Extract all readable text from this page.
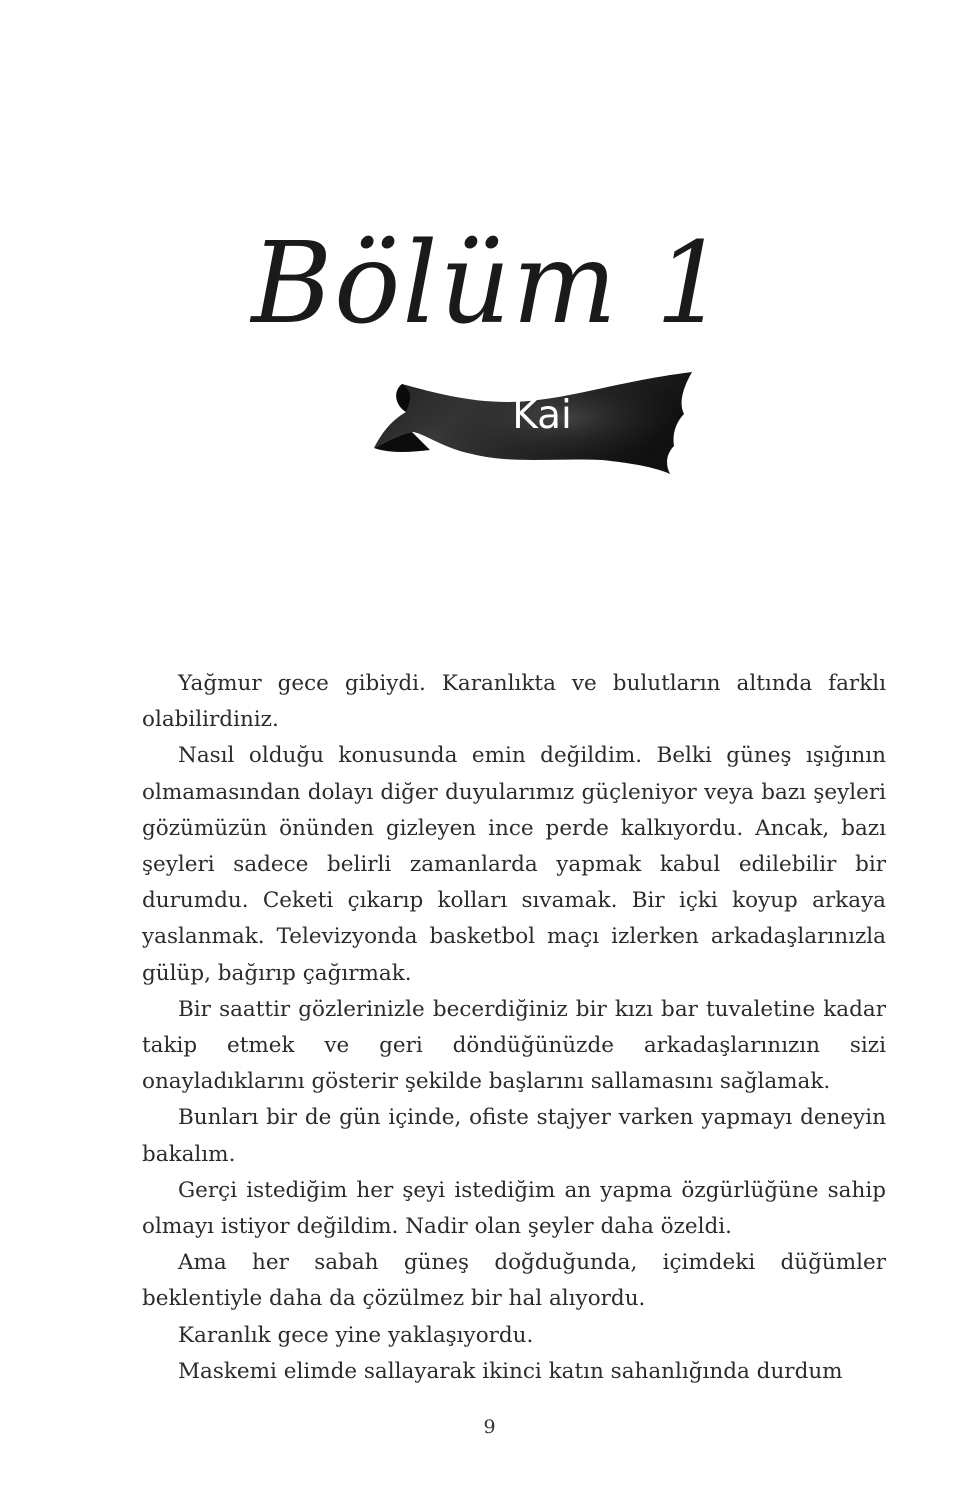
Bölüm 1
Kai

Yağmur gece gibiydi. Karanlıkta ve bulutların altında farklı olabilirdiniz.

Nasıl olduğu konusunda emin değildim. Belki güneş ışığının olmamasından dolayı diğer duyularımız güçleniyor veya bazı şeyleri gözümüzün önünden gizleyen ince perde kalkıyordu. Ancak, bazı şeyleri sadece belirli zamanlarda yapmak kabul edilebilir bir durumdu. Ceketi çıkarıp kolları sıvamak. Bir içki koyup arkaya yaslanmak. Televizyonda basketbol maçı izlerken arkadaşlarınızla gülüp, bağırıp çağırmak.

Bir saattir gözlerinizle becerdiğiniz bir kızı bar tuvaletine kadar takip etmek ve geri döndüğünüzde arkadaşlarınızın sizi onayladıklarını gösterir şekilde başlarını sallamasını sağlamak.

Bunları bir de gün içinde, ofiste stajyer varken yapmayı deneyin bakalım.

Gerçi istediğim her şeyi istediğim an yapma özgürlüğüne sahip olmayı istiyor değildim. Nadir olan şeyler daha özeldi.

Ama her sabah güneş doğduğunda, içimdeki düğümler beklentiyle daha da çözülmez bir hal alıyordu.

Karanlık gece yine yaklaşıyordu.

Maskemi elimde sallayarak ikinci katın sahanlığında durdum

9
